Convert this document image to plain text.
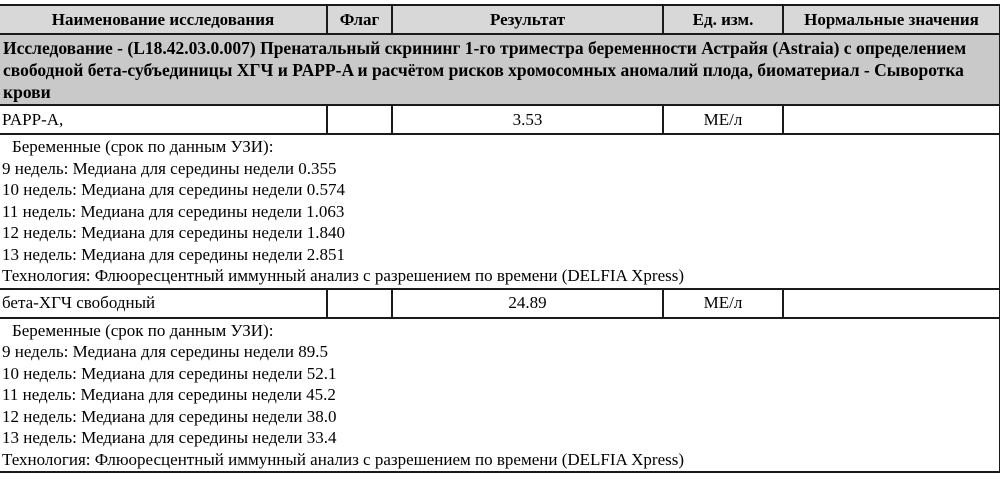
Наименование исследования	Флаг	Результат	Ед. изм.	Нормальные значения
Исследование - (L18.42.03.0.007) Пренатальный скрининг 1-го триместра беременности Астрайя (Astraia) с определением свободной бета-субъединицы ХГЧ и PAPP-A и расчётом рисков хромосомных аномалий плода, биоматериал - Сыворотка крови				
PAPP-A,		3.53	МЕ/л	

Беременные (срок по данным УЗИ):
9 недель: Медиана для середины недели 0.355
10 недель: Медиана для середины недели 0.574
11 недель: Медиана для середины недели 1.063
12 недель: Медиана для середины недели 1.840
13 недель: Медиана для середины недели 2.851
Технология: Флюоресцентный иммунный анализ с разрешением по времени (DELFIA Xpress)

бета-ХГЧ свободный		24.89	МЕ/л	

Беременные (срок по данным УЗИ):
9 недель: Медиана для середины недели 89.5
10 недель: Медиана для середины недели 52.1
11 недель: Медиана для середины недели 45.2
12 недель: Медиана для середины недели 38.0
13 недель: Медиана для середины недели 33.4
Технология: Флюоресцентный иммунный анализ с разрешением по времени (DELFIA Xpress)
